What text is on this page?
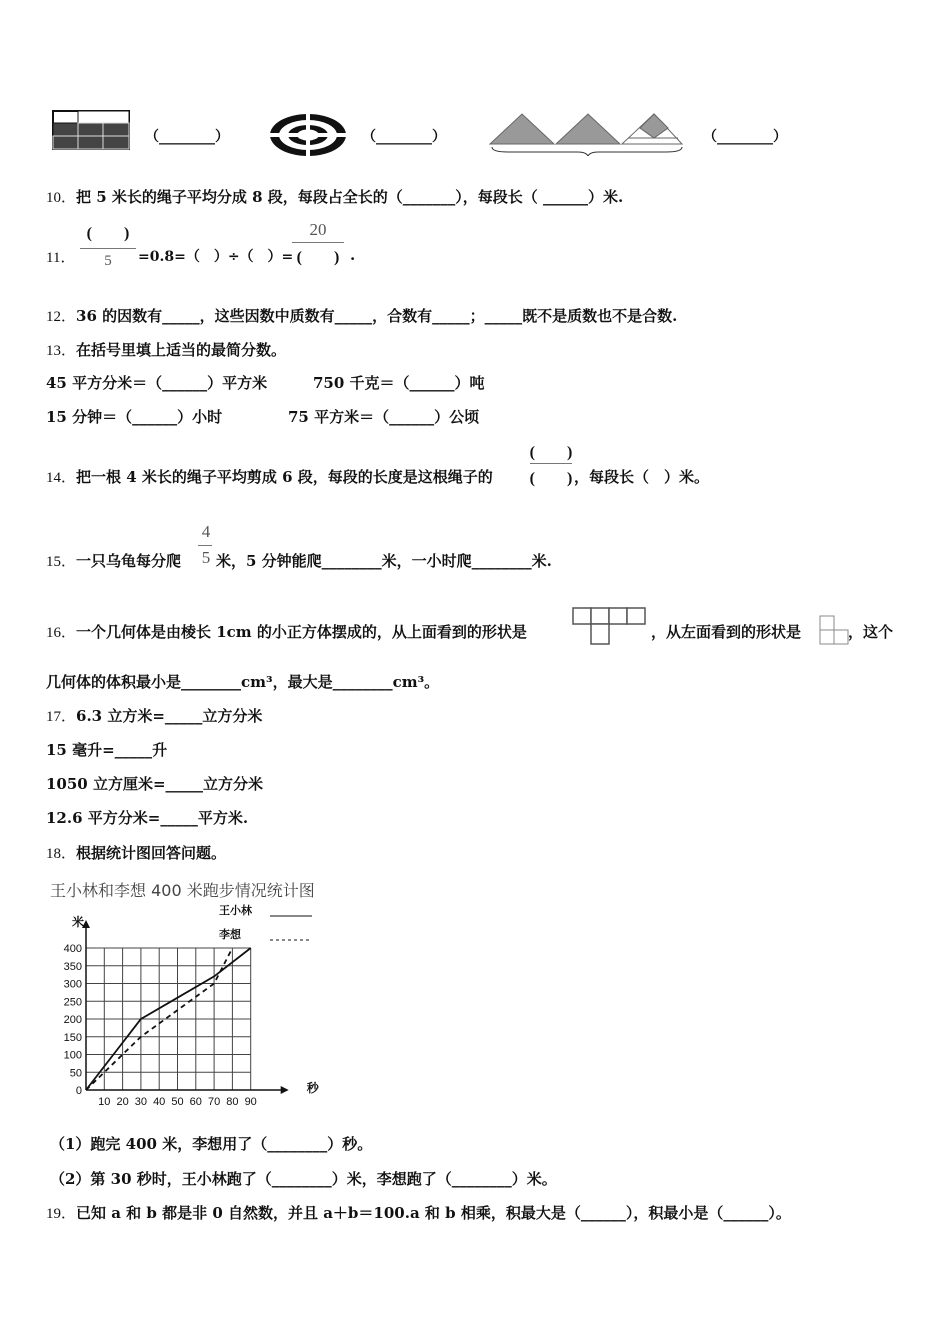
（________）	（________）	（________）
10．把 5 米长的绳子平均分成 8 段，每段占全长的（_______），每段长（ ______）米.
11．
(　　)
5	=0.8=（　）÷（　）=
20
(　　) .
12．36 的因数有_____，这些因数中质数有_____，合数有_____；_____既不是质数也不是合数.
13．在括号里填上适当的最简分数。
45 平方分米＝（______）平方米	750 千克＝（______）吨
15 分钟＝（______）小时	75 平方米＝（______）公顷
14．把一根 4 米长的绳子平均剪成 6 段，每段的长度是这根绳子的
(　　)
(　　) ，每段长（　）米。
15．一只乌龟每分爬
4
5 米，5 分钟能爬________米，一小时爬________米.
16．一个几何体是由棱长 1cm 的小正方体摆成的，从上面看到的形状是	，从左面看到的形状是	，这个
几何体的体积最小是________cm³，最大是________cm³。
17．6.3 立方米=_____立方分米
15 毫升=_____升
1050 立方厘米=_____立方分米
12.6 平方分米=_____平方米.
18．根据统计图回答问题。
王小林和李想 400 米跑步情况统计图
0
50
100
150
200
250
300
350
400
10 20 30 40 50 60 70 80 90
米
秒
王小林
李想
（1）跑完 400 米，李想用了（________）秒。
（2）第 30 秒时，王小林跑了（________）米，李想跑了（________）米。
19．已知 a 和 b 都是非 0 自然数，并且 a＋b＝100.a 和 b 相乘，积最大是（______），积最小是（______）。
